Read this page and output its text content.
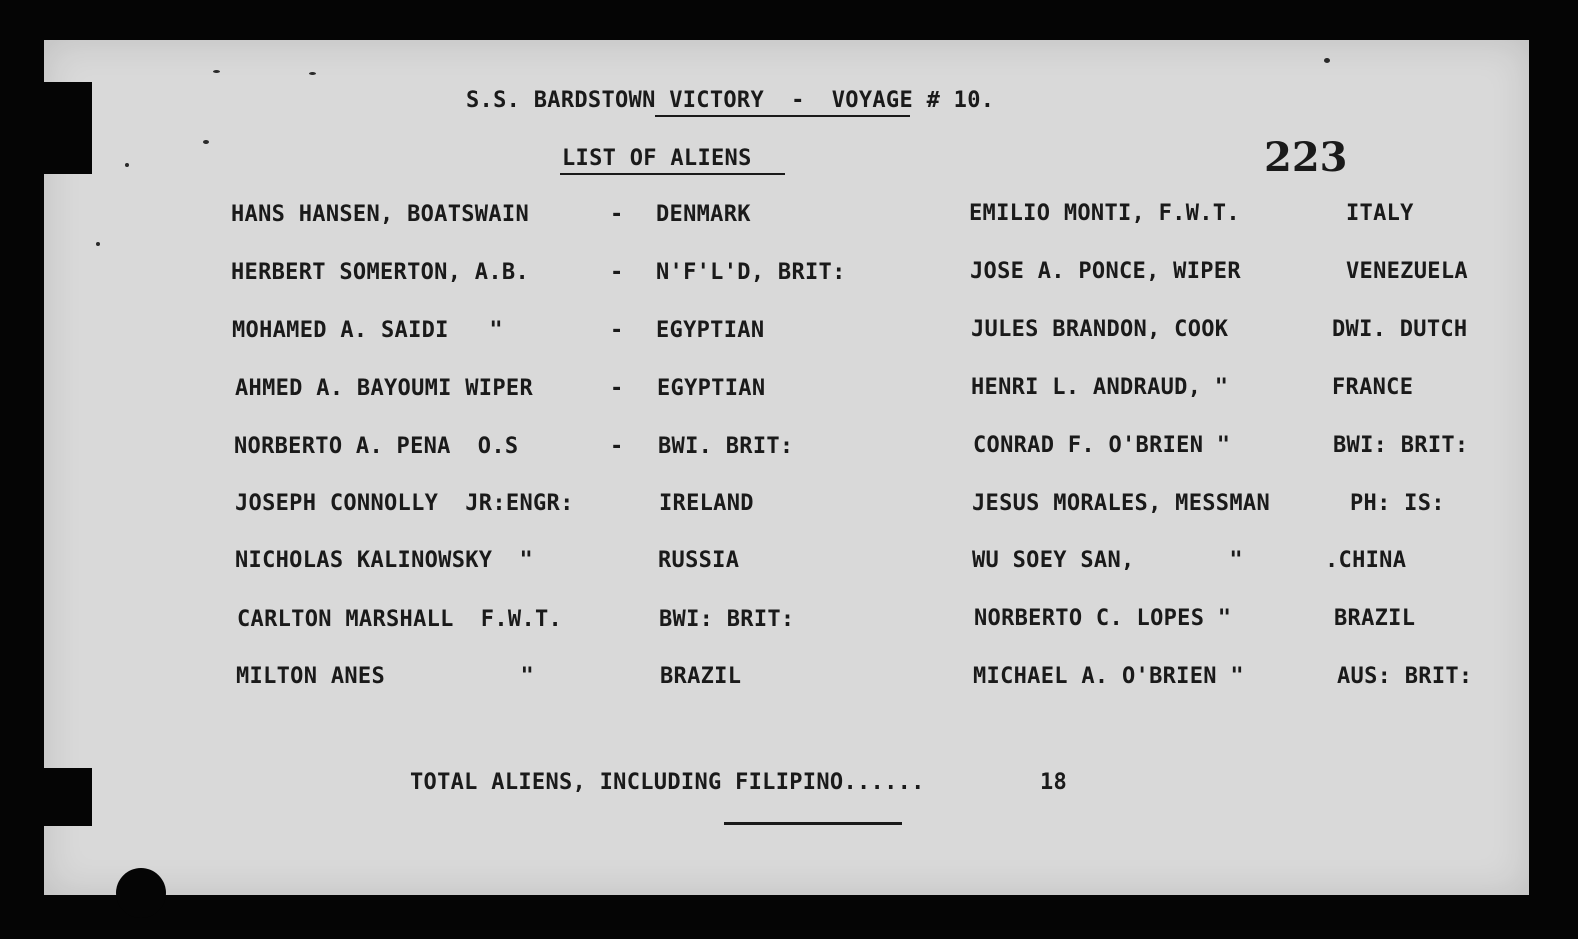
S.S. BARDSTOWN VICTORY  -  VOYAGE # 10.
LIST OF ALIENS	223
HANS HANSEN, BOATSWAIN	- DENMARK
HERBERT SOMERTON, A.B.	- N'F'L'D, BRIT:
MOHAMED A. SAIDI   "	- EGYPTIAN
AHMED A. BAYOUMI WIPER	- EGYPTIAN
NORBERTO A. PENA  O.S	- BWI. BRIT:
JOSEPH CONNOLLY  JR:ENGR:	IRELAND
NICHOLAS KALINOWSKY  "	RUSSIA
CARLTON MARSHALL  F.W.T.	BWI: BRIT:
MILTON ANES          "	BRAZIL
EMILIO MONTI, F.W.T.	ITALY
JOSE A. PONCE, WIPER	VENEZUELA
JULES BRANDON, COOK	DWI. DUTCH
HENRI L. ANDRAUD, "	FRANCE
CONRAD F. O'BRIEN "	BWI: BRIT:
JESUS MORALES, MESSMAN	PH: IS:
WU SOEY SAN,       "	.CHINA
NORBERTO C. LOPES "	BRAZIL
MICHAEL A. O'BRIEN "	AUS: BRIT:
TOTAL ALIENS, INCLUDING FILIPINO......	18
